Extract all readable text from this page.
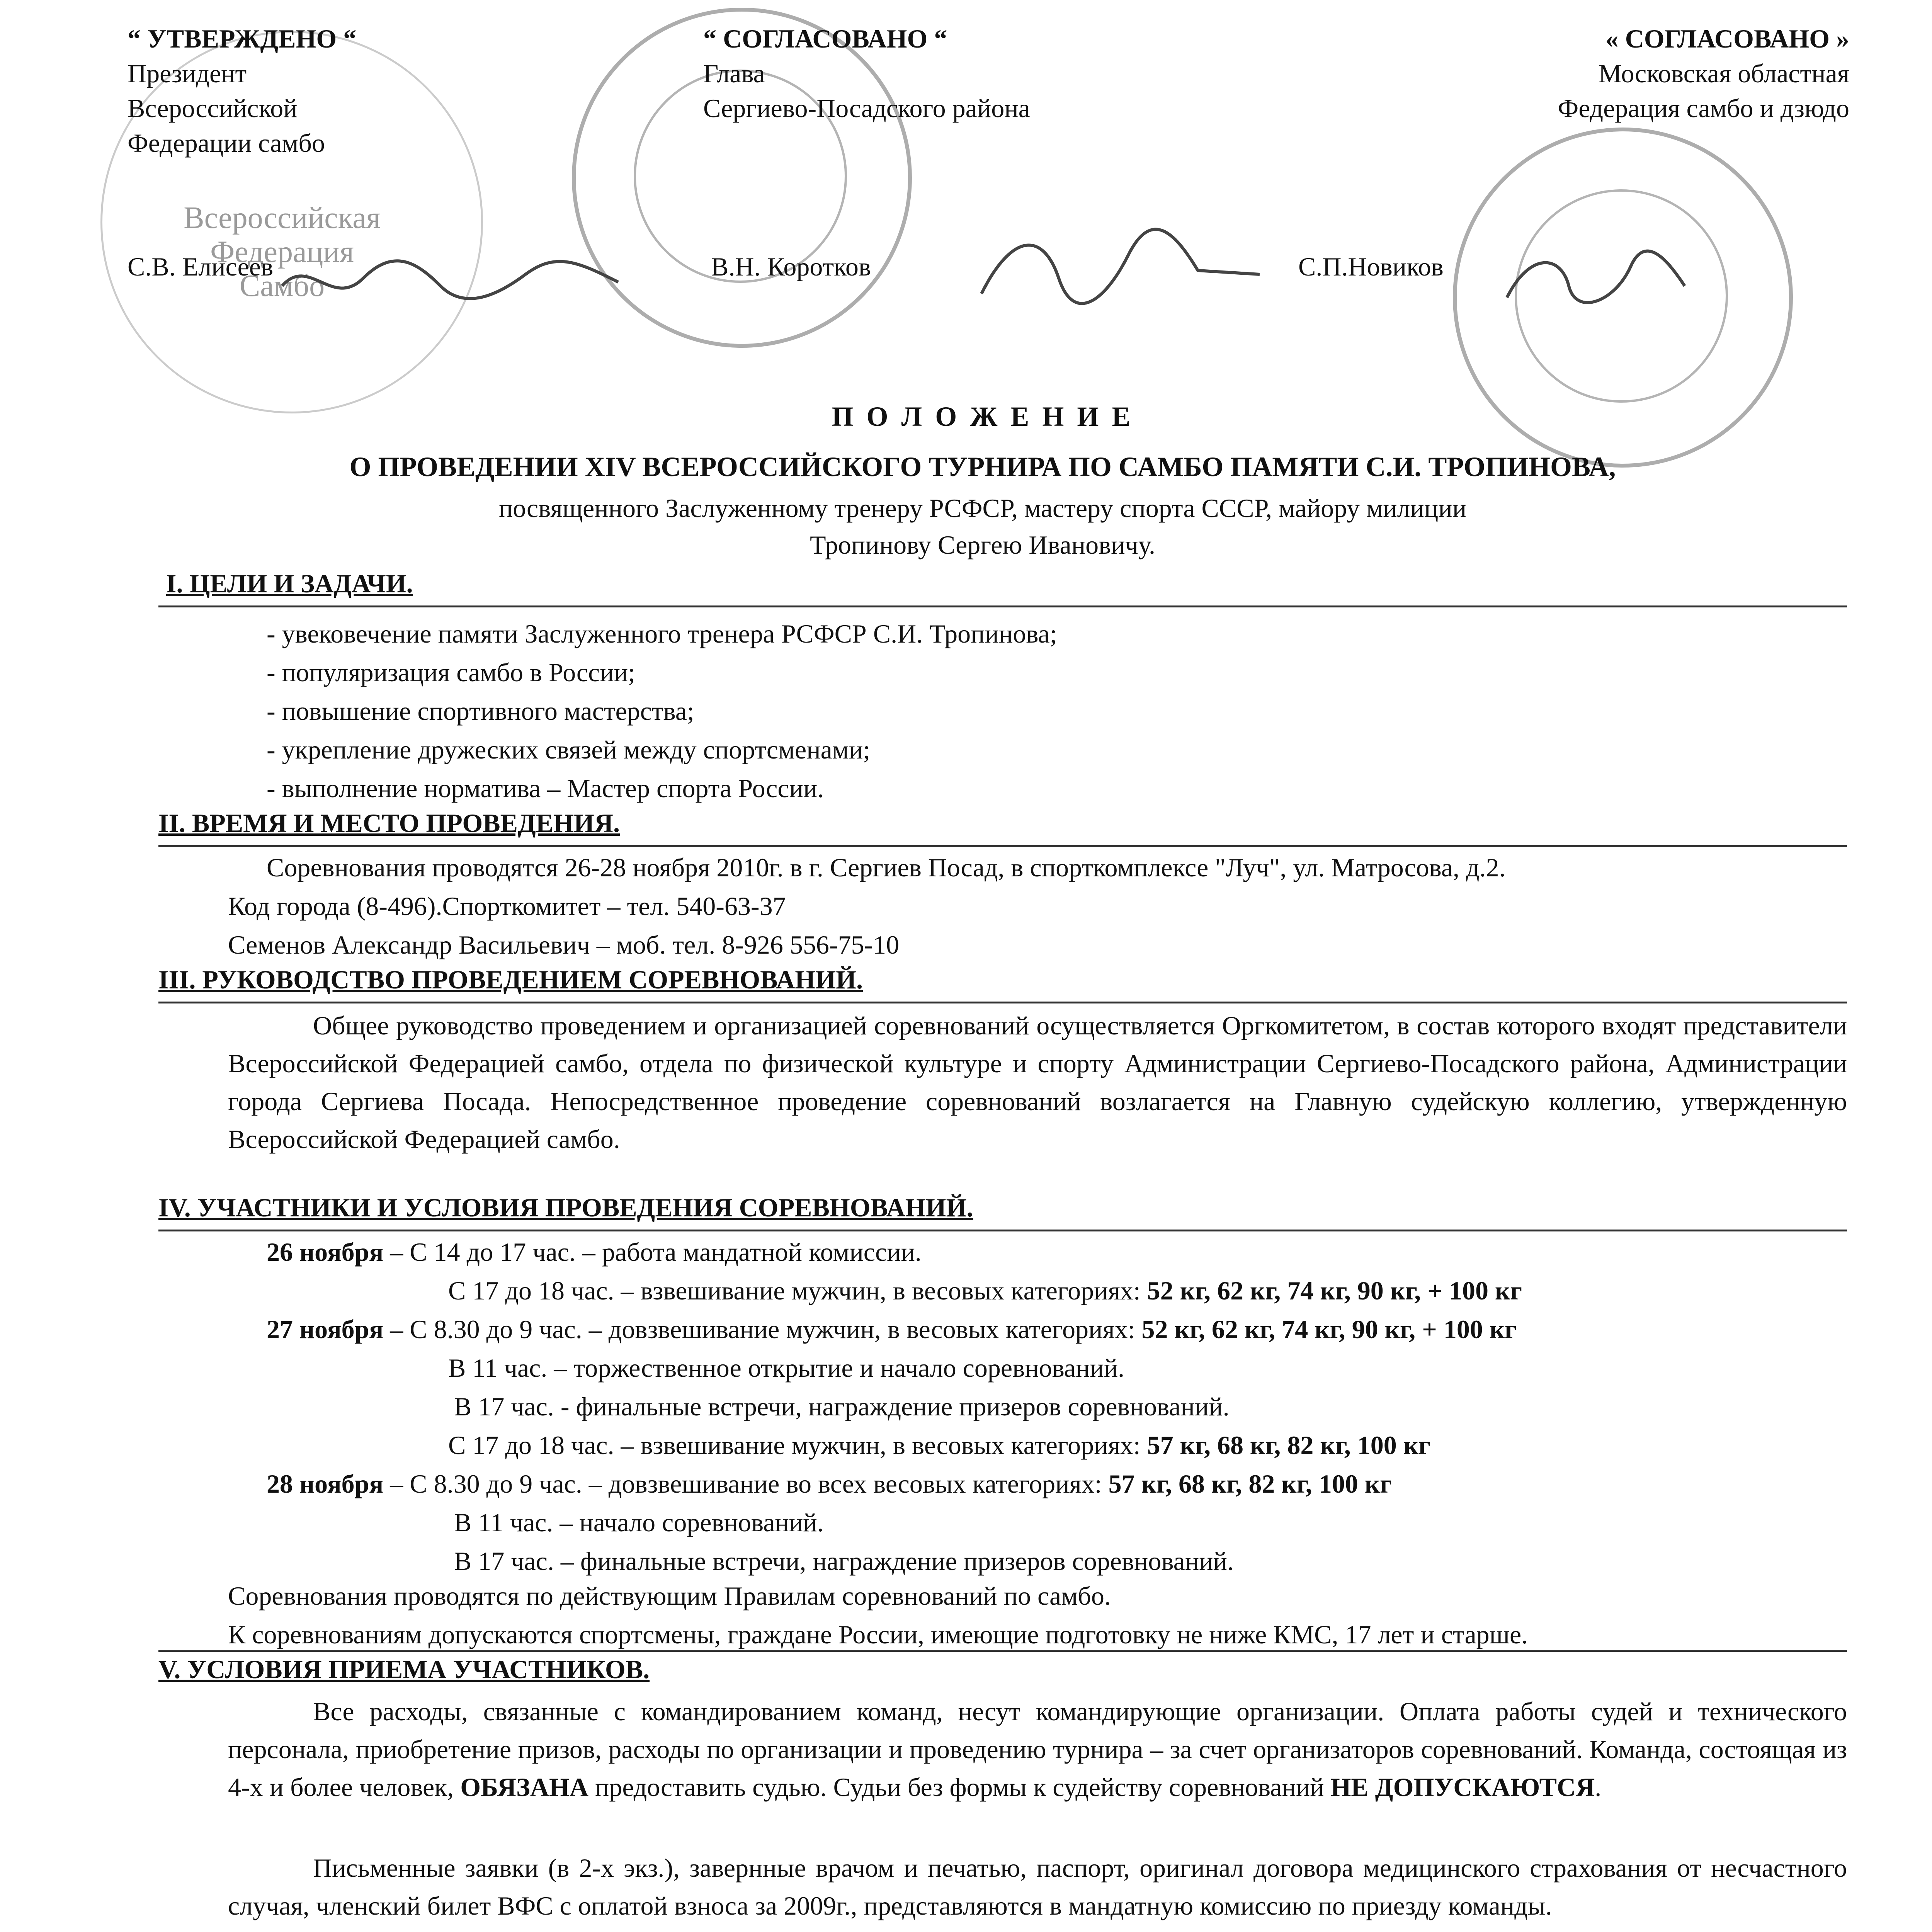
Всероссийская Федерация Самбо
“ УТВЕРЖДЕНО “
Президент
Всероссийской
Федерации самбо
С.В. Елисеев
“ СОГЛАСОВАНО “
Глава
Сергиево-Посадского района
В.Н. Коротков
« СОГЛАСОВАНО »
Московская областная
Федерация самбо и дзюдо
С.П.Новиков
П О Л О Ж Е Н И Е
О ПРОВЕДЕНИИ XIV ВСЕРОССИЙСКОГО ТУРНИРА ПО САМБО ПАМЯТИ С.И. ТРОПИНОВА,
посвященного Заслуженному тренеру РСФСР, мастеру спорта СССР, майору милиции
Тропинову Сергею Ивановичу.
I. ЦЕЛИ И ЗАДАЧИ.
- увековечение памяти Заслуженного тренера РСФСР С.И. Тропинова;
- популяризация самбо в России;
- повышение спортивного мастерства;
- укрепление дружеских связей между спортсменами;
- выполнение норматива – Мастер спорта России.
II. ВРЕМЯ И МЕСТО ПРОВЕДЕНИЯ.
Соревнования проводятся 26-28 ноября 2010г. в г. Сергиев Посад, в спорткомплексе "Луч", ул. Матросова, д.2.
Код города (8-496).Спорткомитет – тел. 540-63-37
Семенов Александр Васильевич – моб. тел. 8-926 556-75-10
III. РУКОВОДСТВО ПРОВЕДЕНИЕМ СОРЕВНОВАНИЙ.
Общее руководство проведением и организацией соревнований осуществляется Оргкомитетом, в состав которого входят представители Всероссийской Федерацией самбо, отдела по физической культуре и спорту Администрации Сергиево-Посадского района, Администрации города Сергиева Посада. Непосредственное проведение соревнований возлагается на Главную судейскую коллегию, утвержденную Всероссийской Федерацией самбо.
IV. УЧАСТНИКИ И УСЛОВИЯ ПРОВЕДЕНИЯ СОРЕВНОВАНИЙ.
26 ноября – С 14 до 17 час. – работа мандатной комиссии.
С 17 до 18 час. – взвешивание мужчин, в весовых категориях: 52 кг, 62 кг, 74 кг, 90 кг, + 100 кг
27 ноября – С 8.30 до 9 час. – довзвешивание мужчин, в весовых категориях: 52 кг, 62 кг, 74 кг, 90 кг, + 100 кг
В 11 час. – торжественное открытие и начало соревнований.
В 17 час. - финальные встречи, награждение призеров соревнований.
С 17 до 18 час. – взвешивание мужчин, в весовых категориях: 57 кг, 68 кг, 82 кг, 100 кг
28 ноября – С 8.30 до 9 час. – довзвешивание во всех весовых категориях: 57 кг, 68 кг, 82 кг, 100 кг
В 11 час. – начало соревнований.
В 17 час. – финальные встречи, награждение призеров соревнований.
Соревнования проводятся по действующим Правилам соревнований по самбо.
К соревнованиям допускаются спортсмены, граждане России, имеющие подготовку не ниже КМС, 17 лет и старше.
V. УСЛОВИЯ ПРИЕМА УЧАСТНИКОВ.
Все расходы, связанные с командированием команд, несут командирующие организации. Оплата работы судей и технического персонала, приобретение призов, расходы по организации и проведению турнира – за счет организаторов соревнований. Команда, состоящая из 4-х и более человек, ОБЯЗАНА предоставить судью. Судьи без формы к судейству соревнований НЕ ДОПУСКАЮТСЯ.
Письменные заявки (в 2-х экз.), завернные врачом и печатью, паспорт, оригинал договора медицинского страхования от несчастного случая, членский билет ВФС с оплатой взноса за 2009г., представляются в мандатную комиссию по приезду команды.
